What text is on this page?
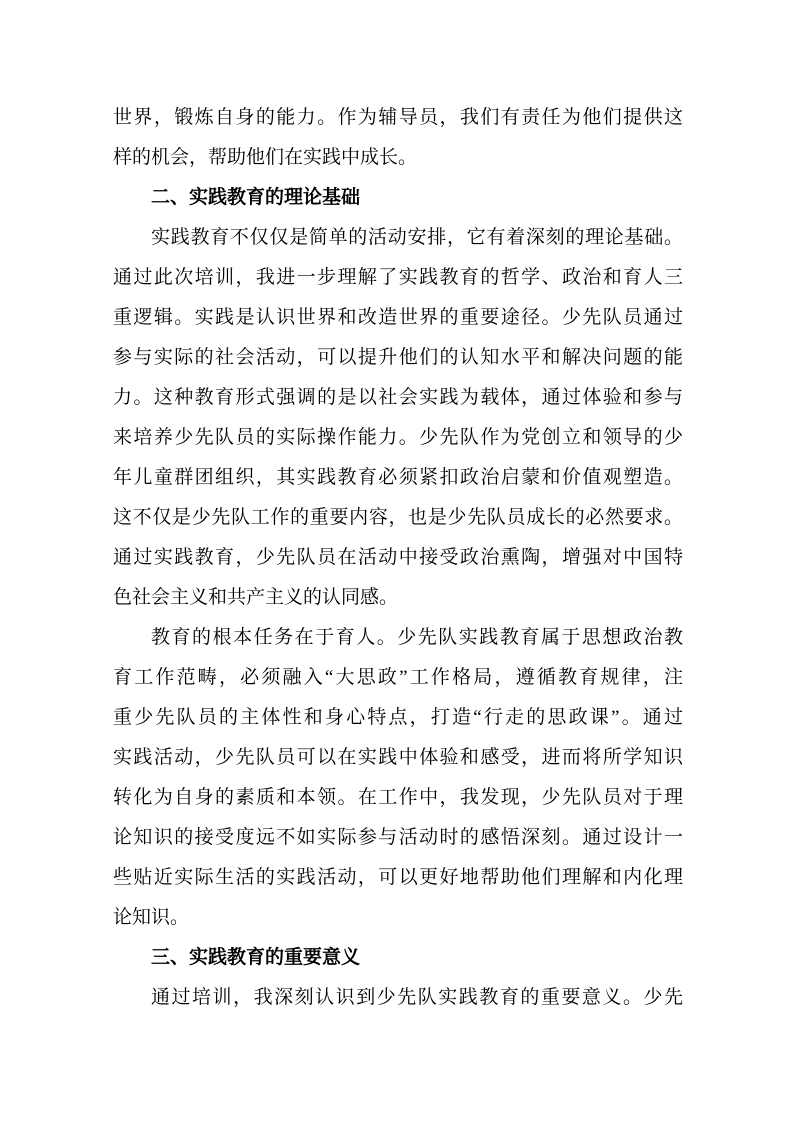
世界，锻炼自身的能力。作为辅导员，我们有责任为他们提供这
样的机会，帮助他们在实践中成长。
二、实践教育的理论基础
实践教育不仅仅是简单的活动安排，它有着深刻的理论基础。
通过此次培训，我进一步理解了实践教育的哲学、政治和育人三
重逻辑。实践是认识世界和改造世界的重要途径。少先队员通过
参与实际的社会活动，可以提升他们的认知水平和解决问题的能
力。这种教育形式强调的是以社会实践为载体，通过体验和参与
来培养少先队员的实际操作能力。少先队作为党创立和领导的少
年儿童群团组织，其实践教育必须紧扣政治启蒙和价值观塑造。
这不仅是少先队工作的重要内容，也是少先队员成长的必然要求。
通过实践教育，少先队员在活动中接受政治熏陶，增强对中国特
色社会主义和共产主义的认同感。
教育的根本任务在于育人。少先队实践教育属于思想政治教
育工作范畴，必须融入“大思政”工作格局，遵循教育规律，注
重少先队员的主体性和身心特点，打造“行走的思政课”。通过
实践活动，少先队员可以在实践中体验和感受，进而将所学知识
转化为自身的素质和本领。在工作中，我发现，少先队员对于理
论知识的接受度远不如实际参与活动时的感悟深刻。通过设计一
些贴近实际生活的实践活动，可以更好地帮助他们理解和内化理
论知识。
三、实践教育的重要意义
通过培训，我深刻认识到少先队实践教育的重要意义。少先
